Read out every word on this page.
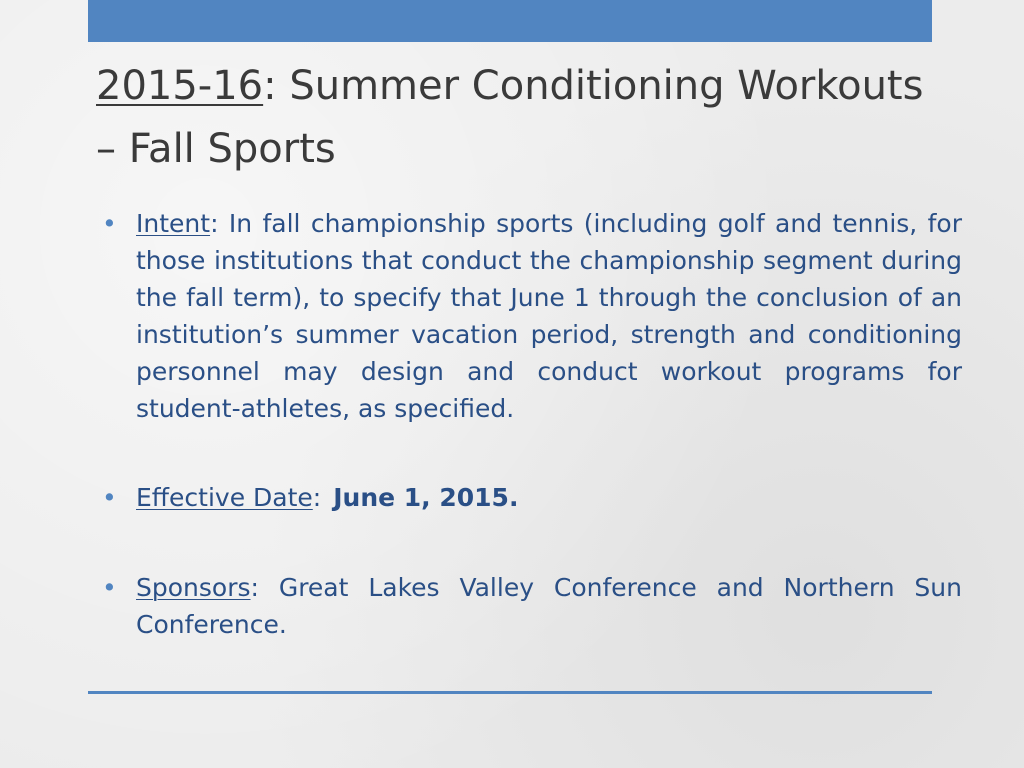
2015-16: Summer Conditioning Workouts – Fall Sports
• Intent: In fall championship sports (including golf and tennis, for those institutions that conduct the championship segment during the fall term), to specify that June 1 through the conclusion of an institution’s summer vacation period, strength and conditioning personnel may design and conduct workout programs for student-athletes, as specified.
• Effective Date: June 1, 2015.
• Sponsors: Great Lakes Valley Conference and Northern Sun Conference.
